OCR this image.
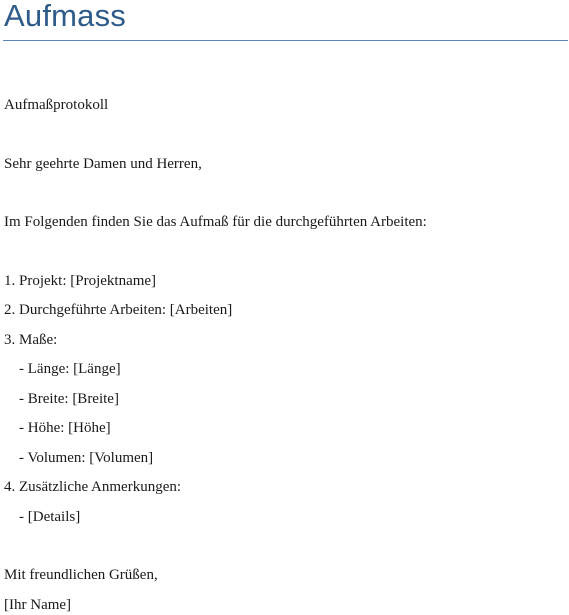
Aufmass
Aufmaßprotokoll
Sehr geehrte Damen und Herren,
Im Folgenden finden Sie das Aufmaß für die durchgeführten Arbeiten:
1. Projekt: [Projektname]
2. Durchgeführte Arbeiten: [Arbeiten]
3. Maße:
- Länge: [Länge]
- Breite: [Breite]
- Höhe: [Höhe]
- Volumen: [Volumen]
4. Zusätzliche Anmerkungen:
- [Details]
Mit freundlichen Grüßen,
[Ihr Name]
